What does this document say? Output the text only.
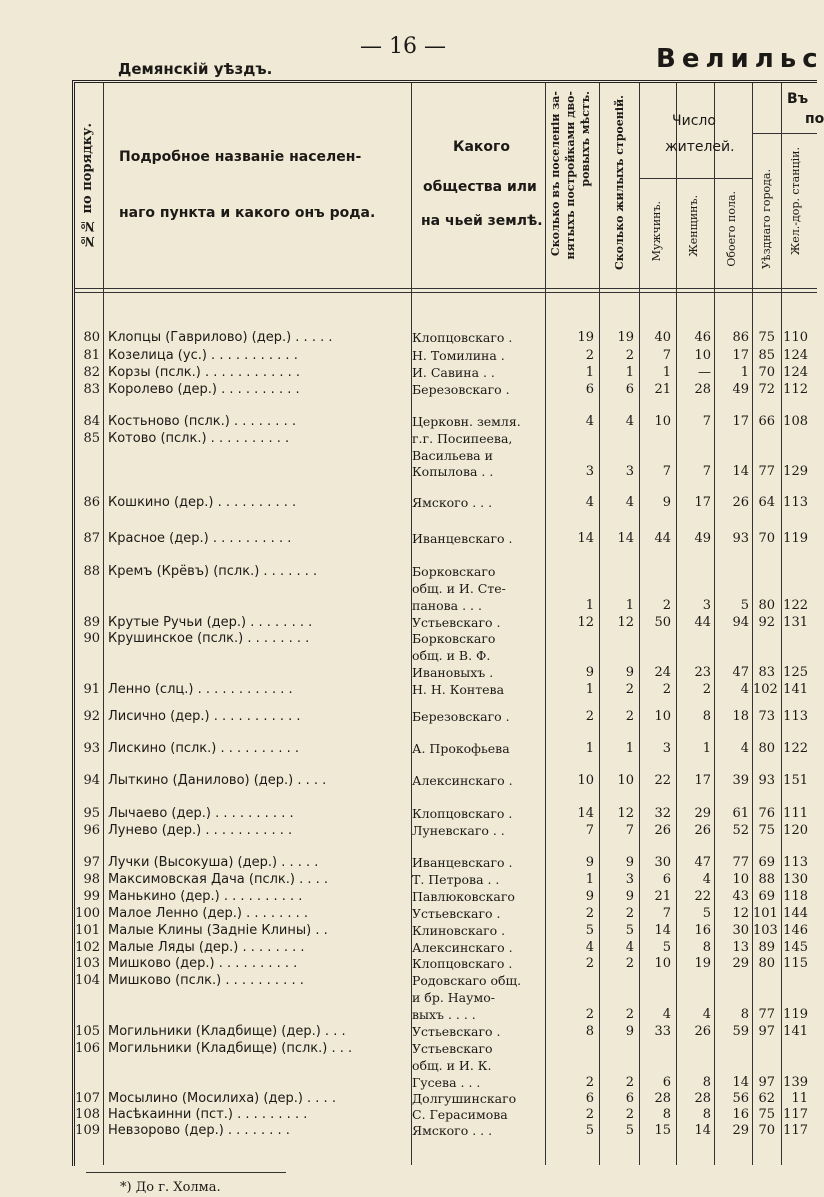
— 16 —
Демянскій уѣздъ.	Велильс
№№ по порядку. Подробное названіе населен-
наго пункта и какого онъ рода.
Какого
общества или
на чьей землѣ. Сколько въ поселеніи за- нятыхъ постройками дво- ровыхъ мѣстъ. Сколько жилыхъ строеній.	Число
жителей.
Мужчинъ. Женщинъ. Обоего пола.
Въ
по
Уѣзднаго города. Жел.-дор. станціи.
80 Клопцы (Гаврилово) (дер.) . . . . .	Клопцовскаго .	19	19	40	46	86 75 110
81 Козелица (ус.) . . . . . . . . . . .	Н. Томилина .	2	2	7	10	17 85 124
82 Корзы (пслк.) . . . . . . . . . . . .	И. Савина . .	1	1	1	—	1 70 124
83 Королево (дер.) . . . . . . . . . .	Березовскаго .	6	6	21	28	49 72 112
84 Костьново (пслк.) . . . . . . . .	Церковн. земля.	4	4	10	7	17 66 108
85 Котово (пслк.) . . . . . . . . . .	г.г. Посипеева,
Васильева и
Копылова . .	3	3	7	7	14 77 129
86 Кошкино (дер.) . . . . . . . . . .	Ямского . . .	4	4	9	17	26 64 113
87 Красное (дер.) . . . . . . . . . .	Иванцевскаго .	14	14	44	49	93 70 119
88 Кремъ (Крёвъ) (пслк.) . . . . . . .	Борковскаго
общ. и И. Сте-
панова . . .	1	1	2	3	5 80 122
89 Крутые Ручьи (дер.) . . . . . . . .	Устьевскаго .	12	12	50	44	94 92 131
90 Крушинское (пслк.) . . . . . . . .	Борковскаго
общ. и В. Ф.
Ивановыхъ .	9	9	24	23	47 83 125
91 Ленно (слц.) . . . . . . . . . . . .	Н. Н. Контева	1	2	2	2	4 102 141
92 Лисично (дер.) . . . . . . . . . . .	Березовскаго .	2	2	10	8	18 73 113
93 Лискино (пслк.) . . . . . . . . . .	А. Прокофьева	1	1	3	1	4 80 122
94 Лыткино (Данилово) (дер.) . . . .	Алексинскаго .	10	10	22	17	39 93 151
95 Лычаево (дер.) . . . . . . . . . .	Клопцовскаго .	14	12	32	29	61 76 111
96 Лунево (дер.) . . . . . . . . . . .	Луневскаго . .	7	7	26	26	52 75 120
97 Лучки (Высокуша) (дер.) . . . . .	Иванцевскаго .	9	9	30	47	77 69 113
98 Максимовская Дача (пслк.) . . . .	Т. Петрова . .	1	3	6	4	10 88 130
99 Манькино (дер.) . . . . . . . . . .	Павлюковскаго	9	9	21	22	43 69 118
100 Малое Ленно (дер.) . . . . . . . .	Устьевскаго .	2	2	7	5	12 101 144
101 Малые Клины (Задніе Клины) . .	Клиновскаго .	5	5	14	16	30 103 146
102 Малые Ляды (дер.) . . . . . . . .	Алексинскаго .	4	4	5	8	13 89 145
103 Мишково (дер.) . . . . . . . . . .	Клопцовскаго .	2	2	10	19	29 80 115
104 Мишково (пслк.) . . . . . . . . . .	Родовскаго общ.
и бр. Наумо-
выхъ . . . .	2	2	4	4	8 77 119
105 Могильники (Кладбище) (дер.) . . .	Устьевскаго .	8	9	33	26	59 97 141
106 Могильники (Кладбище) (пслк.) . . .	Устьевскаго
общ. и И. К.
Гусева . . .	2	2	6	8	14 97 139
107 Мосылино (Мосилиха) (дер.) . . . .	Долгушинскаго	6	6	28	28	56 62	11
108 Насѣкаинни (пст.) . . . . . . . . .	С. Герасимова	2	2	8	8	16 75 117
109 Невзорово (дер.) . . . . . . . .	Ямского . . .	5	5	15	14	29 70 117
*) До г. Холма.
